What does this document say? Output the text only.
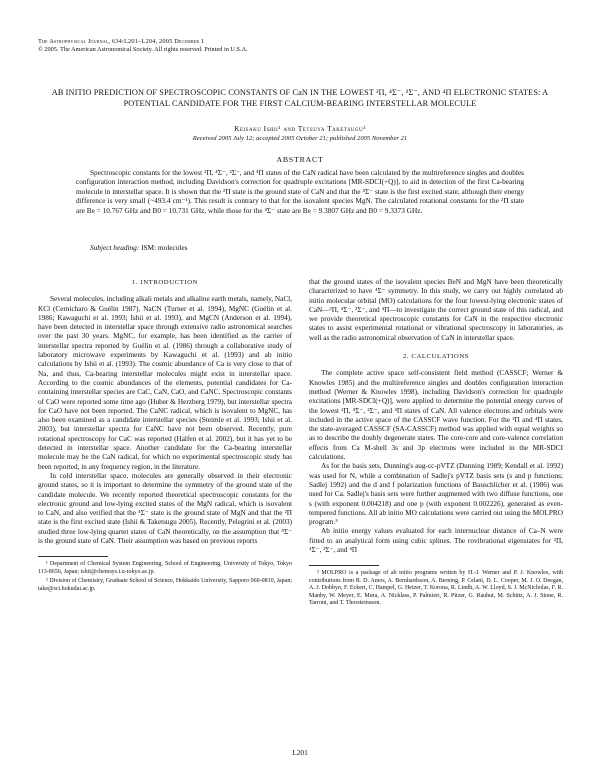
The Astrophysical Journal, 634:L201–L204, 2005 December 1
© 2005. The American Astronomical Society. All rights reserved. Printed in U.S.A.
AB INITIO PREDICTION OF SPECTROSCOPIC CONSTANTS OF CaN IN THE LOWEST ²Π, ⁴Σ⁻, ²Σ⁻, AND ⁴Π ELECTRONIC STATES: A POTENTIAL CANDIDATE FOR THE FIRST CALCIUM-BEARING INTERSTELLAR MOLECULE
Keisaku Ishii¹ and Tetsuya Taketsugu²
Received 2005 July 12; accepted 2005 October 21; published 2005 November 21
ABSTRACT

Spectroscopic constants for the lowest ²Π, ⁴Σ⁻, ²Σ⁻, and ⁴Π states of the CaN radical have been calculated by the multireference singles and doubles configuration interaction method, including Davidson's correction for quadruple excitations [MR-SDCI(+Q)], to aid in detection of the first Ca-bearing molecule in interstellar space. It is shown that the ²Π state is the ground state of CaN and that the ⁴Σ⁻ state is the first excited state, although their energy difference is very small (~493.4 cm⁻¹). This result is contrary to that for the isovalent species MgN. The calculated rotational constants for the ²Π state are Be = 10.767 GHz and B0 = 10.731 GHz, while those for the ⁴Σ⁻ state are Be = 9.3807 GHz and B0 = 9.3373 GHz.

Subject heading: ISM: molecules
1. INTRODUCTION

Several molecules, including alkali metals and alkaline earth metals, namely, NaCl, KCl (Cernicharo & Guélin 1987), NaCN (Turner et al. 1994), MgNC (Guélin et al. 1986; Kawaguchi et al. 1993; Ishii et al. 1993), and MgCN (Anderson et al. 1994), have been detected in interstellar space through extensive radio astronomical searches over the past 30 years. MgNC, for example, has been identified as the carrier of interstellar spectra reported by Guélin et al. (1986) through a collaborative study of laboratory microwave experiments by Kawaguchi et al. (1993) and ab initio calculations by Ishii et al. (1993). The cosmic abundance of Ca is very close to that of Na, and thus, Ca-bearing interstellar molecules might exist in interstellar space. According to the cosmic abundances of the elements, potential candidates for Ca-containing interstellar species are CaC, CaN, CaO, and CaNC. Spectroscopic constants of CaO were reported some time ago (Huber & Herzberg 1979), but interstellar spectra for CaO have not been reported. The CaNC radical, which is isovalent to MgNC, has also been examined as a candidate interstellar species (Steimle et al. 1993; Ishii et al. 2003), but interstellar spectra for CaNC have not been observed. Recently, pure rotational spectroscopy for CaC was reported (Halfen et al. 2002), but it has yet to be detected in interstellar space. Another candidate for the Ca-bearing interstellar molecule may be the CaN radical, for which no experimental spectroscopic study has been reported, in any frequency region, in the literature.

In cold interstellar space, molecules are generally observed in their electronic ground states, so it is important to determine the symmetry of the ground state of the candidate molecule. We recently reported theoretical spectroscopic constants for the electronic ground and low-lying excited states of the MgN radical, which is isovalent to CaN, and also verified that the ⁴Σ⁻ state is the ground state of MgN and that the ²Π state is the first excited state (Ishii & Taketsugu 2005). Recently, Pelegrini et al. (2003) studied three low-lying quartet states of CaN theoretically, on the assumption that ⁴Σ⁻ is the ground state of CaN. Their assumption was based on previous reports

¹ Department of Chemical System Engineering, School of Engineering, University of Tokyo, Tokyo 113-8656, Japan; ishii@chemsys.t.u-tokyo.ac.jp.

² Division of Chemistry, Graduate School of Science, Hokkaido University, Sapporo 060-0810, Japan; take@sci.hokudai.ac.jp.

that the ground states of the isovalent species BeN and MgN have been theoretically characterized to have ⁴Σ⁻ symmetry. In this study, we carry out highly correlated ab initio molecular orbital (MO) calculations for the four lowest-lying electronic states of CaN—²Π, ⁴Σ⁻, ²Σ⁻, and ⁴Π—to investigate the correct ground state of this radical, and we provide theoretical spectroscopic constants for CaN in the respective electronic states to assist experimental rotational or vibrational spectroscopy in laboratories, as well as the radio astronomical observation of CaN in interstellar space.

2. CALCULATIONS

The complete active space self-consistent field method (CASSCF; Werner & Knowles 1985) and the multireference singles and doubles configuration interaction method (Werner & Knowles 1998), including Davidson's correction for quadruple excitations [MR-SDCI(+Q)], were applied to determine the potential energy curves of the lowest ²Π, ⁴Σ⁻, ²Σ⁻, and ⁴Π states of CaN. All valence electrons and orbitals were included in the active space of the CASSCF wave function. For the ²Π and ⁴Π states, the state-averaged CASSCF (SA-CASSCF) method was applied with equal weights so as to describe the doubly degenerate states. The core-core and core-valence correlation effects from Ca M-shell 3s and 3p electrons were included in the MR-SDCI calculations.

As for the basis sets, Dunning's aug-cc-pVTZ (Dunning 1989; Kendall et al. 1992) was used for N, while a combination of Sadlej's pVTZ basis sets (s and p functions; Sadlej 1992) and the d and f polarization functions of Bauschlicher et al. (1986) was used for Ca. Sadlej's basis sets were further augmented with two diffuse functions, one s (with exponent 0.004218) and one p (with exponent 0.002226), generated as even-tempered functions. All ab initio MO calculations were carried out using the MOLPRO program.³

Ab initio energy values evaluated for each internuclear distance of Ca–N were fitted to an analytical form using cubic splines. The rovibrational eigenstates for ²Π, ⁴Σ⁻, ²Σ⁻, and ⁴Π

³ MOLPRO is a package of ab initio programs written by H.-J. Werner and P. J. Knowles, with contributions from R. D. Amos, A. Bernhardsson, A. Berning, P. Celani, D. L. Cooper, M. J. O. Deegan, A. J. Dobbyn, F. Eckert, C. Hampel, G. Hetzer, T. Korona, R. Lindh, A. W. Lloyd, S. J. McNicholas, F. R. Manby, W. Meyer, E. Mura, A. Nicklass, P. Palmieri, R. Pitzer, G. Rauhut, M. Schütz, A. J. Stone, R. Tarroni, and T. Thorsteinsson.

L201
